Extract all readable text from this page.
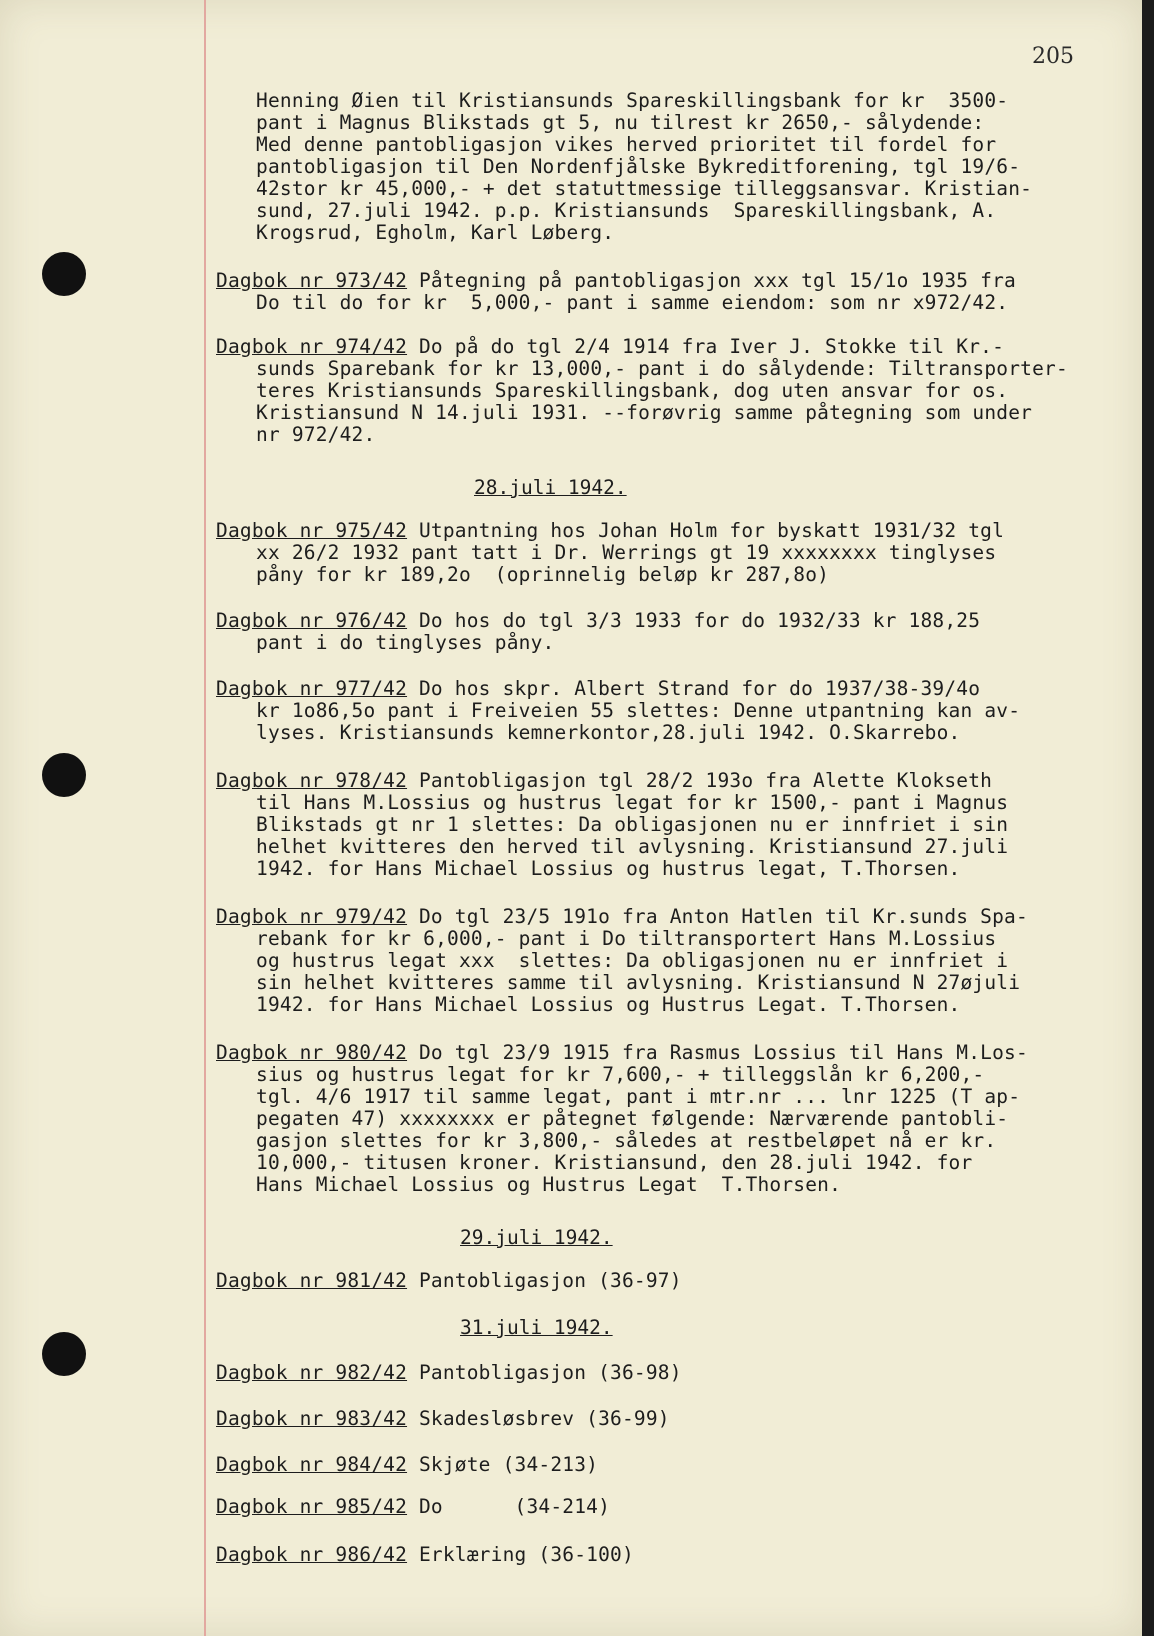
205
Henning Øien til Kristiansunds Spareskillingsbank for kr  3500-
pant i Magnus Blikstads gt 5, nu tilrest kr 2650,- sålydende:
Med denne pantobligasjon vikes herved prioritet til fordel for
pantobligasjon til Den Nordenfjålske Bykreditforening, tgl 19/6-
42stor kr 45,000,- + det statuttmessige tilleggsansvar. Kristian-
sund, 27.juli 1942. p.p. Kristiansunds  Spareskillingsbank, A.
Krogsrud, Egholm, Karl Løberg.
Dagbok nr 973/42 Påtegning på pantobligasjon xxx tgl 15/1o 1935 fra
Do til do for kr  5,000,- pant i samme eiendom: som nr x972/42.
Dagbok nr 974/42 Do på do tgl 2/4 1914 fra Iver J. Stokke til Kr.-
sunds Sparebank for kr 13,000,- pant i do sålydende: Tiltransporter-
teres Kristiansunds Spareskillingsbank, dog uten ansvar for os.
Kristiansund N 14.juli 1931. --forøvrig samme påtegning som under
nr 972/42.
28.juli 1942.
Dagbok nr 975/42 Utpantning hos Johan Holm for byskatt 1931/32 tgl
xx 26/2 1932 pant tatt i Dr. Werrings gt 19 xxxxxxxx tinglyses
pånу for kr 189,2o  (oprinnelig beløp kr 287,8o)
Dagbok nr 976/42 Do hos do tgl 3/3 1933 for do 1932/33 kr 188,25
pant i do tinglyses påny.
Dagbok nr 977/42 Do hos skpr. Albert Strand for do 1937/38-39/4o
kr 1o86,5o pant i Freiveien 55 slettes: Denne utpantning kan av-
lyses. Kristiansunds kemnerkontor,28.juli 1942. O.Skarrebo.
Dagbok nr 978/42 Pantobligasjon tgl 28/2 193o fra Alette Klokseth
til Hans M.Lossius og hustrus legat for kr 1500,- pant i Magnus
Blikstads gt nr 1 slettes: Da obligasjonen nu er innfriet i sin
helhet kvitteres den herved til avlysning. Kristiansund 27.juli
1942. for Hans Michael Lossius og hustrus legat, T.Thorsen.
Dagbok nr 979/42 Do tgl 23/5 191o fra Anton Hatlen til Kr.sunds Spa-
rebank for kr 6,000,- pant i Do tiltransportert Hans M.Lossius
og hustrus legat xxx  slettes: Da obligasjonen nu er innfriet i
sin helhet kvitteres samme til avlysning. Kristiansund N 27øjuli
1942. for Hans Michael Lossius og Hustrus Legat. T.Thorsen.
Dagbok nr 980/42 Do tgl 23/9 1915 fra Rasmus Lossius til Hans M.Los-
sius og hustrus legat for kr 7,600,- + tilleggslån kr 6,200,-
tgl. 4/6 1917 til samme legat, pant i mtr.nr ... lnr 1225 (T ap-
pegaten 47) xxxxxxxx er påtegnet følgende: Nærværende pantobli-
gasjon slettes for kr 3,800,- således at restbeløpet nå er kr.
10,000,- titusen kroner. Kristiansund, den 28.juli 1942. for
Hans Michael Lossius og Hustrus Legat  T.Thorsen.
29.juli 1942.
Dagbok nr 981/42 Pantobligasjon (36-97)
31.juli 1942.
Dagbok nr 982/42 Pantobligasjon (36-98)
Dagbok nr 983/42 Skadesløsbrev (36-99)
Dagbok nr 984/42 Skjøte (34-213)
Dagbok nr 985/42 Do      (34-214)
Dagbok nr 986/42 Erklæring (36-100)
